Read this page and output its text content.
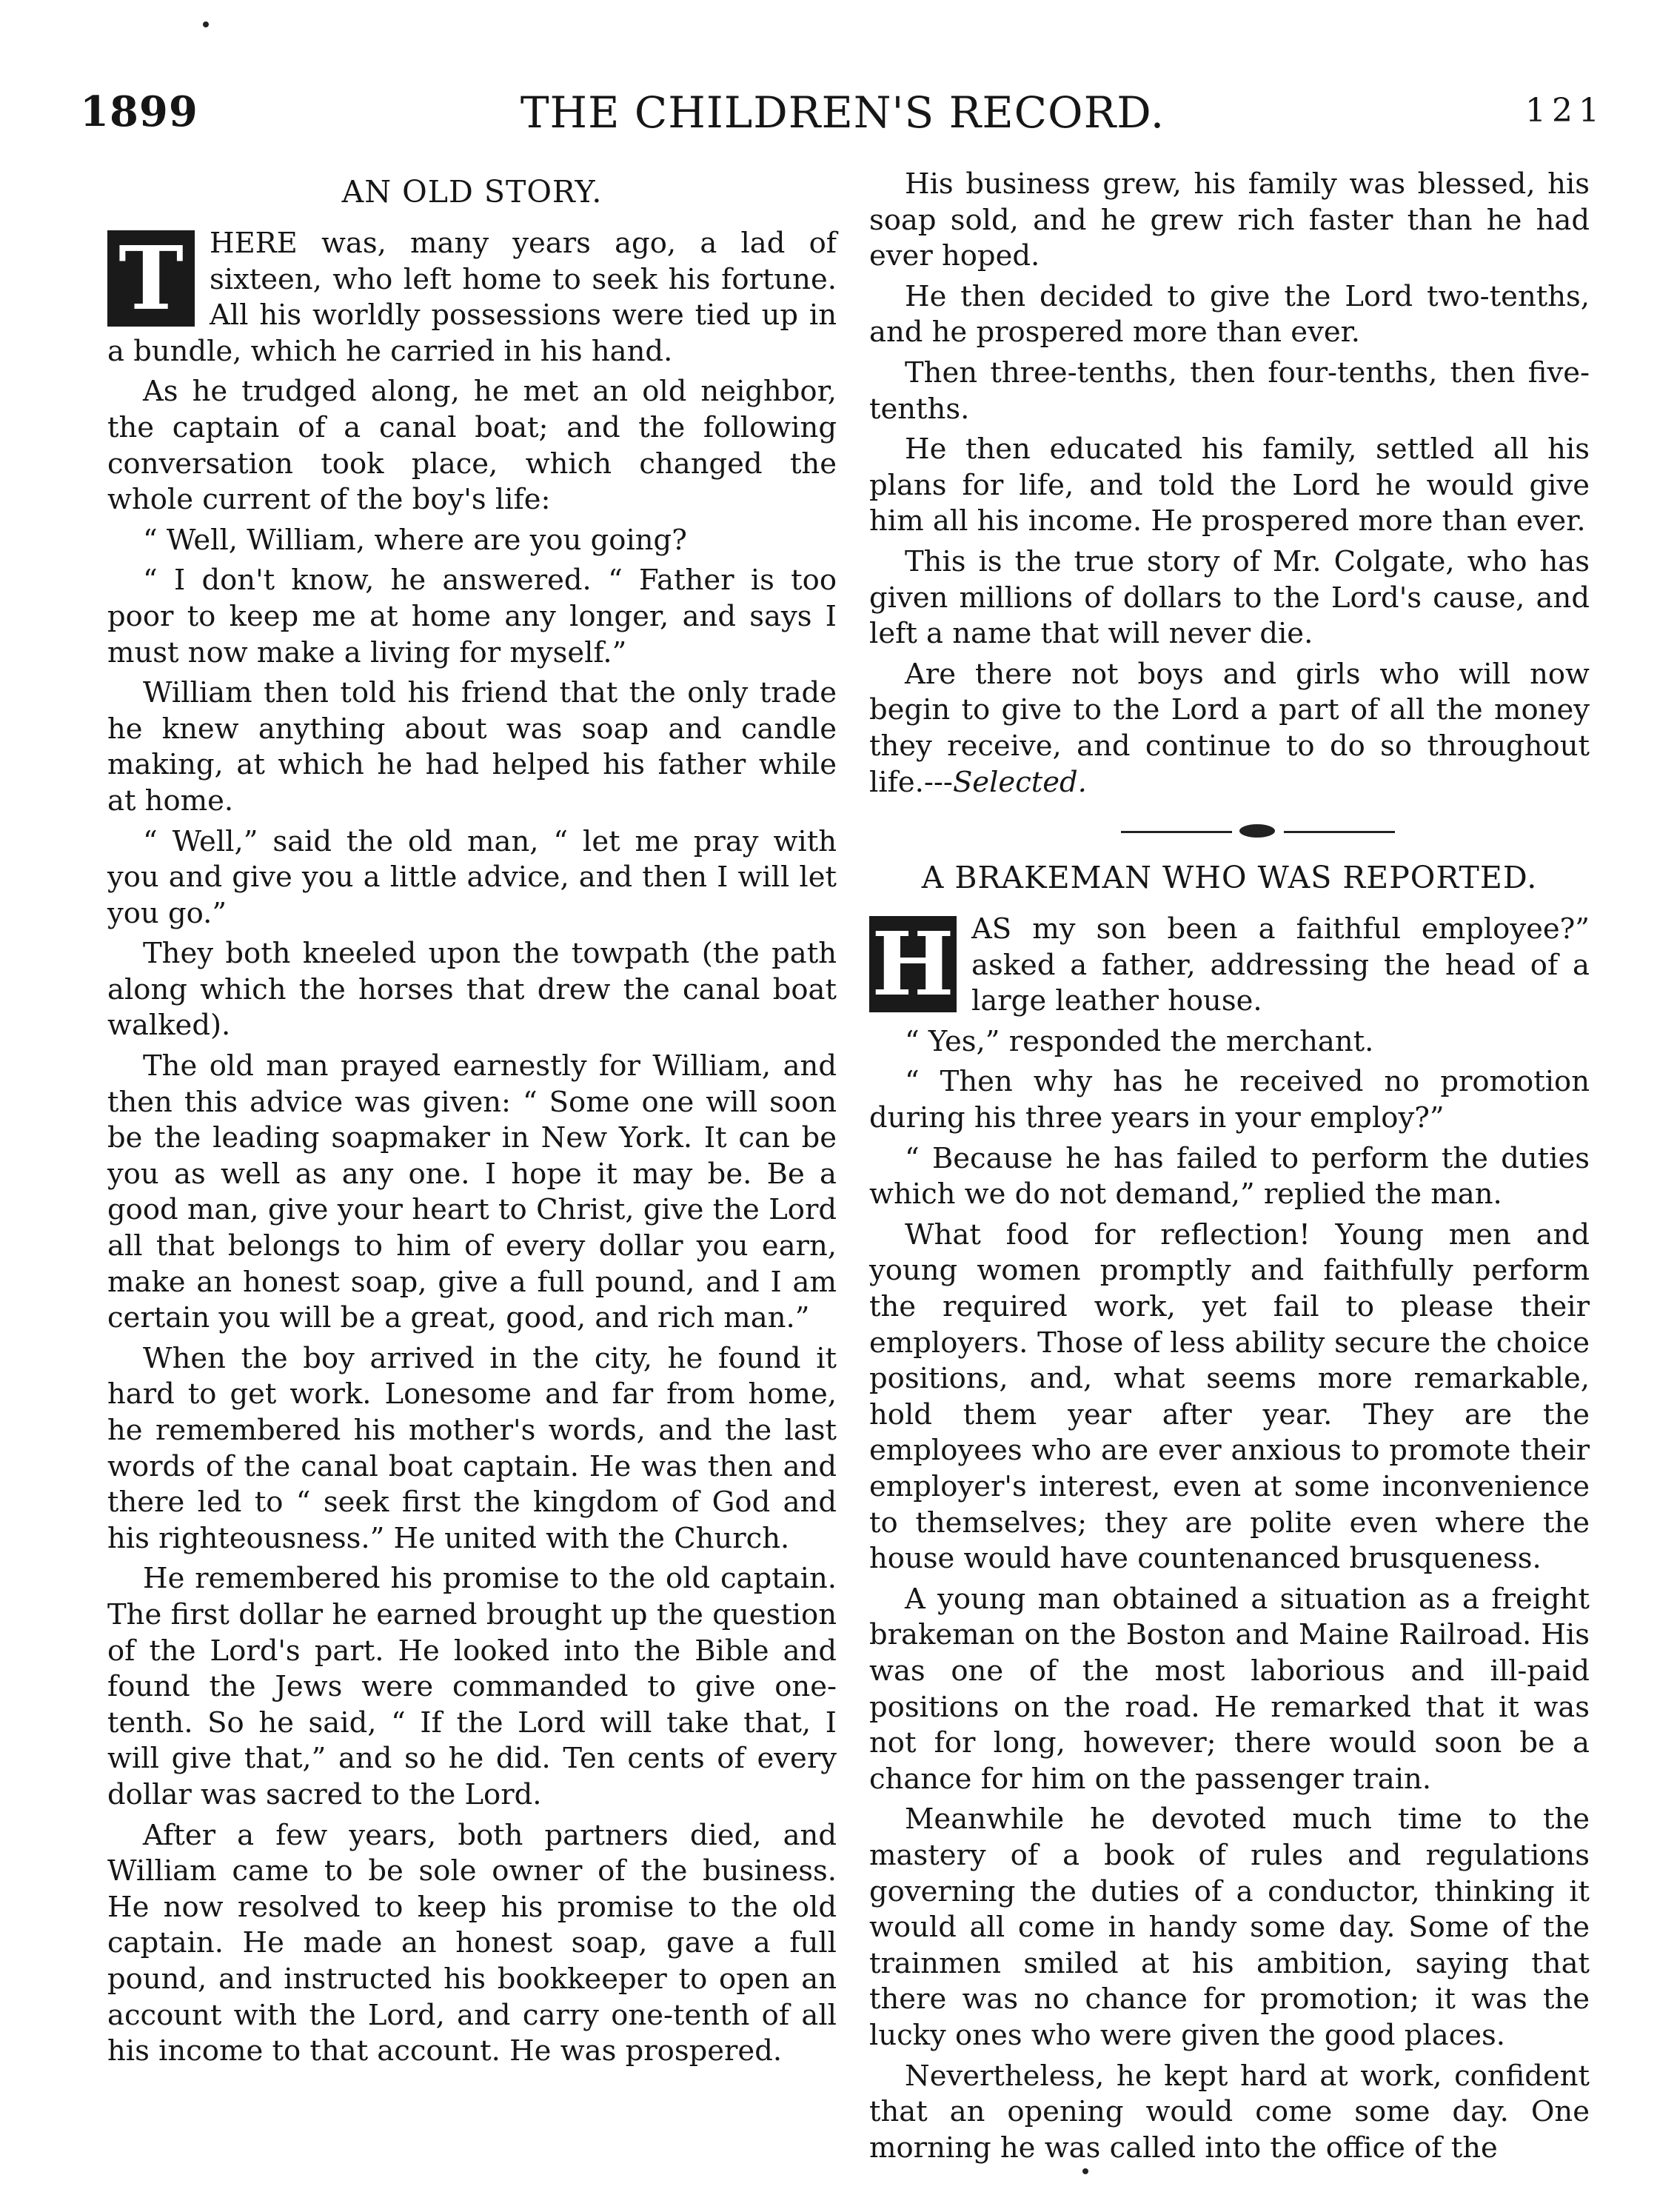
1899	THE CHILDREN'S RECORD.	121
AN OLD STORY.

T HERE was, many years ago, a lad of sixteen, who left home to seek his fortune. All his worldly possessions were tied up in a bundle, which he carried in his hand.

As he trudged along, he met an old neighbor, the captain of a canal boat; and the following conversation took place, which changed the whole current of the boy's life:

“ Well, William, where are you going?

“ I don't know, he answered. “ Father is too poor to keep me at home any longer, and says I must now make a living for myself.”

William then told his friend that the only trade he knew anything about was soap and candle making, at which he had helped his father while at home.

“ Well,” said the old man, “ let me pray with you and give you a little advice, and then I will let you go.”

They both kneeled upon the towpath (the path along which the horses that drew the canal boat walked).

The old man prayed earnestly for William, and then this advice was given: “ Some one will soon be the leading soapmaker in New York. It can be you as well as any one. I hope it may be. Be a good man, give your heart to Christ, give the Lord all that belongs to him of every dollar you earn, make an honest soap, give a full pound, and I am certain you will be a great, good, and rich man.”

When the boy arrived in the city, he found it hard to get work. Lonesome and far from home, he remembered his mother's words, and the last words of the canal boat captain. He was then and there led to “ seek first the kingdom of God and his righteousness.” He united with the Church.

He remembered his promise to the old captain. The first dollar he earned brought up the question of the Lord's part. He looked into the Bible and found the Jews were commanded to give one-tenth. So he said, “ If the Lord will take that, I will give that,” and so he did. Ten cents of every dollar was sacred to the Lord.

After a few years, both partners died, and William came to be sole owner of the business. He now resolved to keep his promise to the old captain. He made an honest soap, gave a full pound, and instructed his bookkeeper to open an account with the Lord, and carry one-tenth of all his income to that account. He was prospered.

His business grew, his family was blessed, his soap sold, and he grew rich faster than he had ever hoped.

He then decided to give the Lord two-tenths, and he prospered more than ever.

Then three-tenths, then four-tenths, then five-tenths.

He then educated his family, settled all his plans for life, and told the Lord he would give him all his income. He prospered more than ever.

This is the true story of Mr. Colgate, who has given millions of dollars to the Lord's cause, and left a name that will never die.

Are there not boys and girls who will now begin to give to the Lord a part of all the money they receive, and continue to do so throughout life.---Selected.

A BRAKEMAN WHO WAS REPORTED.

H AS my son been a faithful employee?” asked a father, addressing the head of a large leather house.

“ Yes,” responded the merchant.

“ Then why has he received no promotion during his three years in your employ?”

“ Because he has failed to perform the duties which we do not demand,” replied the man.

What food for reflection! Young men and young women promptly and faithfully perform the required work, yet fail to please their employers. Those of less ability secure the choice positions, and, what seems more remarkable, hold them year after year. They are the employees who are ever anxious to promote their employer's interest, even at some inconvenience to themselves; they are polite even where the house would have countenanced brusqueness.

A young man obtained a situation as a freight brakeman on the Boston and Maine Railroad. His was one of the most laborious and ill-paid positions on the road. He remarked that it was not for long, however; there would soon be a chance for him on the passenger train.

Meanwhile he devoted much time to the mastery of a book of rules and regulations governing the duties of a conductor, thinking it would all come in handy some day. Some of the trainmen smiled at his ambition, saying that there was no chance for promotion; it was the lucky ones who were given the good places.

Nevertheless, he kept hard at work, confident that an opening would come some day. One morning he was called into the office of the
